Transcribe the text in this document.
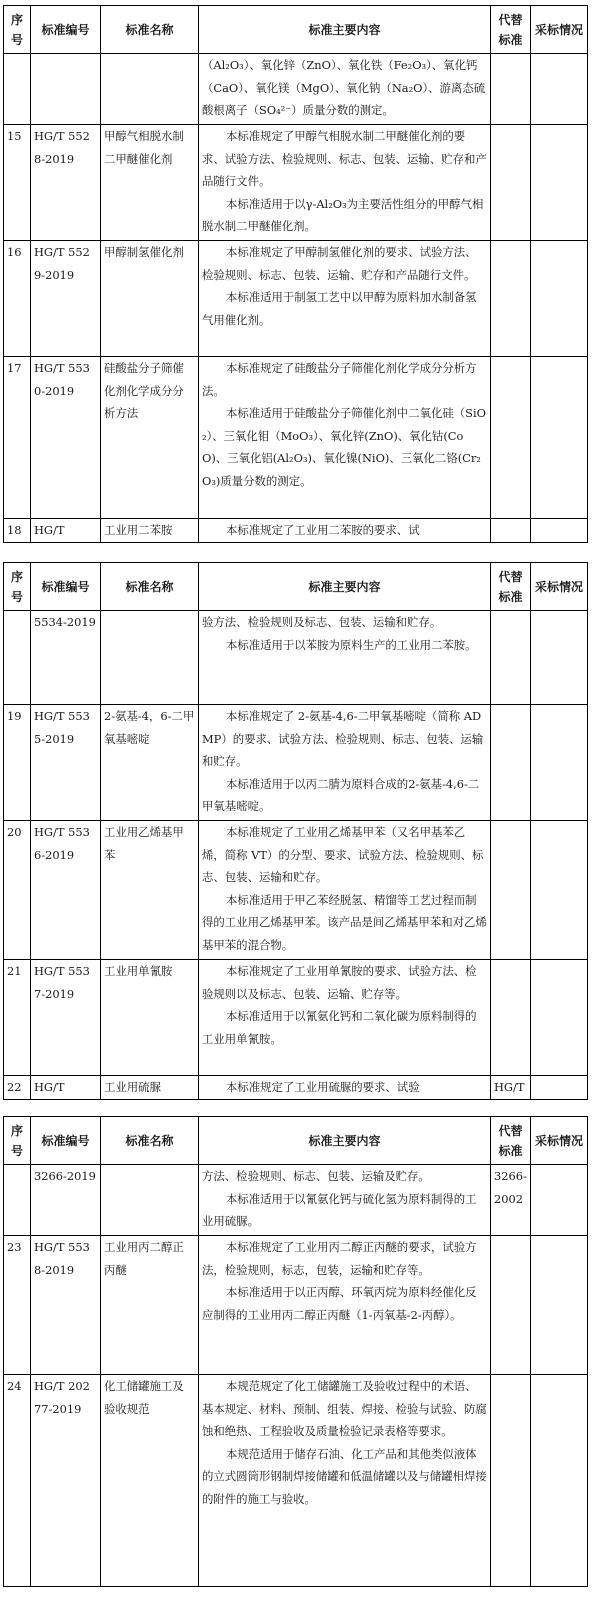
序号	标准编号	标准名称	标准主要内容	代替标准	采标情况

			（Al₂O₃）、氧化锌（ZnO）、氧化铁（Fe₂O₃）、氧化钙（CaO）、氧化镁（MgO）、氧化钠（Na₂O）、游离态硫酸根离子（SO₄²⁻）质量分数的测定。		

15	HG/T 5528-2019	甲醇气相脱水制二甲醚催化剂	本标准规定了甲醇气相脱水制二甲醚催化剂的要求、试验方法、检验规则、标志、包装、运输、贮存和产品随行文件。
本标准适用于以γ-Al₂O₃为主要活性组分的甲醇气相脱水制二甲醚催化剂。		

16	HG/T 5529-2019	甲醇制氢催化剂	本标准规定了甲醇制氢催化剂的要求、试验方法、检验规则、标志、包装、运输、贮存和产品随行文件。
本标准适用于制氢工艺中以甲醇为原料加水制备氢气用催化剂。		

17	HG/T 5530-2019	硅酸盐分子筛催化剂化学成分分析方法	本标准规定了硅酸盐分子筛催化剂化学成分分析方法。
本标准适用于硅酸盐分子筛催化剂中二氧化硅（SiO₂）、三氧化钼（MoO₃）、氧化锌(ZnO)、氧化钴(CoO)、三氧化铝(Al₂O₃)、氧化镍(NiO)、三氧化二铬(Cr₂O₃)质量分数的测定。		

18	HG/T	工业用二苯胺	本标准规定了工业用二苯胺的要求、试		

序号	标准编号	标准名称	标准主要内容	代替标准	采标情况
	5534-2019		验方法、检验规则及标志、包装、运输和贮存。
本标准适用于以苯胺为原料生产的工业用二苯胺。		

19	HG/T 5535-2019	2-氨基-4，6-二甲氧基嘧啶	本标准规定了 2-氨基-4,6-二甲氧基嘧啶（简称 ADMP）的要求、试验方法、检验规则、标志、包装、运输和贮存。
本标准适用于以丙二腈为原料合成的2-氨基-4,6-二甲氧基嘧啶。		

20	HG/T 5536-2019	工业用乙烯基甲苯	本标准规定了工业用乙烯基甲苯（又名甲基苯乙烯，简称 VT）的分型、要求、试验方法、检验规则、标志、包装、运输和贮存。
本标准适用于甲乙苯经脱氢、精馏等工艺过程而制得的工业用乙烯基甲苯。该产品是间乙烯基甲苯和对乙烯基甲苯的混合物。		

21	HG/T 5537-2019	工业用单氰胺	本标准规定了工业用单氰胺的要求、试验方法、检验规则以及标志、包装、运输、贮存等。
本标准适用于以氰氨化钙和二氧化碳为原料制得的工业用单氰胺。		

22	HG/T	工业用硫脲	本标准规定了工业用硫脲的要求、试验	HG/T	
序号	标准编号	标准名称	标准主要内容	代替标准	采标情况
	3266-2019		方法、检验规则、标志、包装、运输及贮存。
本标准适用于以氰氨化钙与硫化氢为原料制得的工业用硫脲。	3266-2002	
23	HG/T 5538-2019	工业用丙二醇正丙醚	本标准规定了工业用丙二醇正丙醚的要求，试验方法，检验规则，标志，包装，运输和贮存等。
本标准适用于以正丙醇、环氧丙烷为原料经催化反应制得的工业用丙二醇正丙醚（1-丙氧基-2-丙醇）。		

24	HG/T 20277-2019	化工储罐施工及验收规范	本规范规定了化工储罐施工及验收过程中的术语、基本规定、材料、预制、组装、焊接、检验与试验、防腐蚀和绝热、工程验收及质量检验记录表格等要求。
本规范适用于储存石油、化工产品和其他类似液体的立式圆筒形钢制焊接储罐和低温储罐以及与储罐相焊接的附件的施工与验收。		
